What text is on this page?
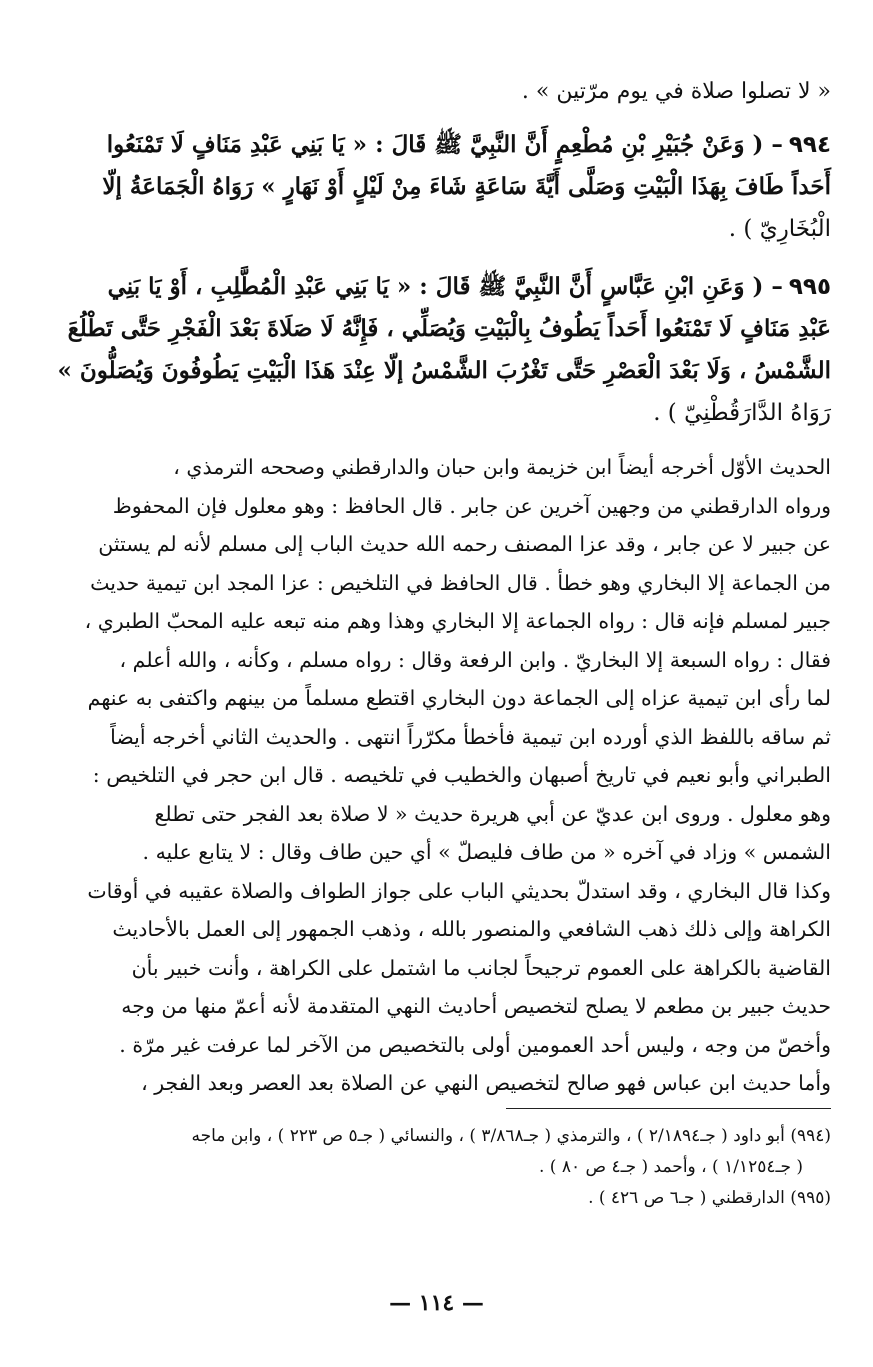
« لا تصلوا صلاة في يوم مرّتين » .

٩٩٤– ( وَعَنْ جُبَيْرِ بْنِ مُطْعِمٍ أَنَّ النَّبِيَّ ﷺ قَالَ : « يَا بَنِي عَبْدِ مَنَافٍ لَا تَمْنَعُوا

أَحَداً طَافَ بِهَذَا الْبَيْتِ وَصَلَّى أَيَّةَ سَاعَةٍ شَاءَ مِنْ لَيْلٍ أَوْ نَهَارٍ » رَوَاهُ الْجَمَاعَةُ إلّا

الْبُخَارِيّ ) .

٩٩٥– ( وَعَنِ ابْنِ عَبَّاسٍ أَنَّ النَّبِيَّ ﷺ قَالَ : « يَا بَنِي عَبْدِ الْمُطَّلِبِ ، أَوْ يَا بَنِي

عَبْدِ مَنَافٍ لَا تَمْنَعُوا أَحَداً يَطُوفُ بِالْبَيْتِ وَيُصَلِّي ، فَإِنَّهُ لَا صَلَاةَ بَعْدَ الْفَجْرِ حَتَّى تَطْلُعَ

الشَّمْسُ ، وَلَا بَعْدَ الْعَصْرِ حَتَّى تَغْرُبَ الشَّمْسُ إلّا عِنْدَ هَذَا الْبَيْتِ يَطُوفُونَ وَيُصَلُّونَ »

رَوَاهُ الدَّارَقُطْنِيّ ) .

الحديث الأوّل أخرجه أيضاً ابن خزيمة وابن حبان والدارقطني وصححه الترمذي ،

ورواه الدارقطني من وجهين آخرين عن جابر . قال الحافظ : وهو معلول فإن المحفوظ

عن جبير لا عن جابر ، وقد عزا المصنف رحمه الله حديث الباب إلى مسلم لأنه لم يستثن

من الجماعة إلا البخاري وهو خطأ . قال الحافظ في التلخيص : عزا المجد ابن تيمية حديث

جبير لمسلم فإنه قال : رواه الجماعة إلا البخاري وهذا وهم منه تبعه عليه المحبّ الطبري ،

فقال : رواه السبعة إلا البخاريّ . وابن الرفعة وقال : رواه مسلم ، وكأنه ، والله أعلم ،

لما رأى ابن تيمية عزاه إلى الجماعة دون البخاري اقتطع مسلماً من بينهم واكتفى به عنهم

ثم ساقه باللفظ الذي أورده ابن تيمية فأخطأ مكرّراً انتهى . والحديث الثاني أخرجه أيضاً

الطبراني وأبو نعيم في تاريخ أصبهان والخطيب في تلخيصه . قال ابن حجر في التلخيص :

وهو معلول . وروى ابن عديّ عن أبي هريرة حديث « لا صلاة بعد الفجر حتى تطلع

الشمس » وزاد في آخره « من طاف فليصلّ » أي حين طاف وقال : لا يتابع عليه .

وكذا قال البخاري ، وقد استدلّ بحديثي الباب على جواز الطواف والصلاة عقيبه في أوقات

الكراهة وإلى ذلك ذهب الشافعي والمنصور بالله ، وذهب الجمهور إلى العمل بالأحاديث

القاضية بالكراهة على العموم ترجيحاً لجانب ما اشتمل على الكراهة ، وأنت خبير بأن

حديث جبير بن مطعم لا يصلح لتخصيص أحاديث النهي المتقدمة لأنه أعمّ منها من وجه

وأخصّ من وجه ، وليس أحد العمومين أولى بالتخصيص من الآخر لما عرفت غير مرّة .

وأما حديث ابن عباس فهو صالح لتخصيص النهي عن الصلاة بعد العصر وبعد الفجر ،

(٩٩٤) أبو داود ( جـ٢/١٨٩٤ ) ، والترمذي ( جـ٣/٨٦٨ ) ، والنسائي ( جـ٥ ص ٢٢٣ ) ، وابن ماجه

( جـ١/١٢٥٤ ) ، وأحمد ( جـ٤ ص ٨٠ ) .

(٩٩٥) الدارقطني ( جـ٦ ص ٤٢٦ ) .

— ١١٤ —
